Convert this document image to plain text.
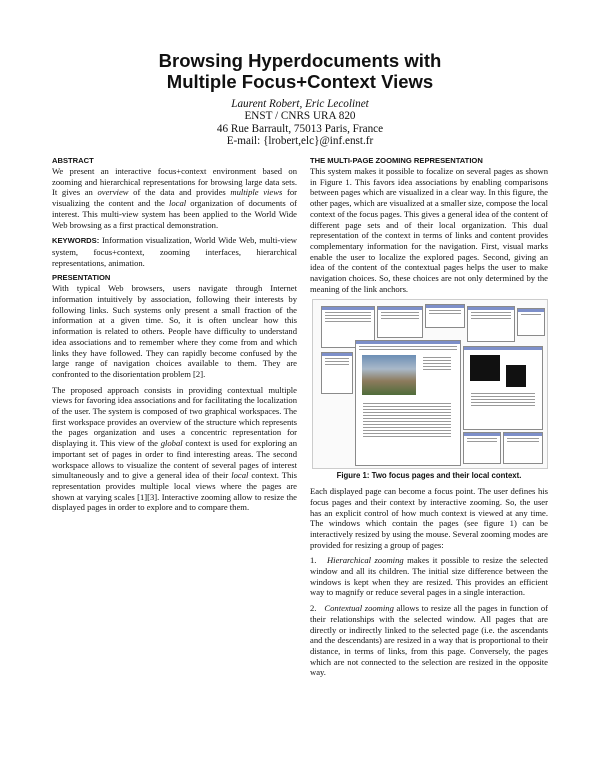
Browsing Hyperdocuments with
Multiple Focus+Context Views
Laurent Robert, Eric Lecolinet
ENST / CNRS URA 820
46 Rue Barrault, 75013 Paris, France
E-mail: {lrobert,elc}@inf.enst.fr
ABSTRACT

We present an interactive focus+context environment based on zooming and hierarchical representations for browsing large data sets. It gives an overview of the data and provides multiple views for visualizing the content and the local organization of documents of interest. This multi-view system has been applied to the World Wide Web browsing as a first practical demonstration.

KEYWORDS: Information visualization, World Wide Web, multi-view system, focus+context, zooming interfaces, hierarchical representations, animation.

PRESENTATION

With typical Web browsers, users navigate through Internet information intuitively by association, following their interests by following links. Such systems only present a small fraction of the information at a given time. So, it is often unclear how this information is related to others. People have difficulty to understand idea associations and to remember where they come from and which links they have followed. They can rapidly become confused by the large range of navigation choices available to them. They are confronted to the disorientation problem [2].

The proposed approach consists in providing contextual multiple views for favoring idea associations and for facilitating the localization of the user. The system is composed of two graphical workspaces. The first workspace provides an overview of the structure which represents the pages organization and uses a concentric representation for displaying it. This view of the global context is used for exploring an important set of pages in order to find interesting areas. The second workspace allows to visualize the content of several pages of interest simultaneously and to give a general idea of their local context. This representation provides multiple local views where the pages are shown at varying scales [1][3]. Interactive zooming allow to resize the displayed pages in order to explore and to compare them.

THE MULTI-PAGE ZOOMING REPRESENTATION

This system makes it possible to focalize on several pages as shown in Figure 1. This favors idea associations by enabling comparisons between pages which are visualized in a clear way. In this figure, the other pages, which are visualized at a smaller size, compose the local context of the focus pages. This gives a general idea of the content of different page sets and of their local organization. This dual representation of the context in terms of links and content provides complementary information for the navigation. First, visual marks enable the user to localize the explored pages. Second, giving an idea of the content of the contextual pages helps the user to make navigation choices. So, these choices are not only determined by the meaning of the link anchors.

Figure 1: Two focus pages and their local context.

Each displayed page can become a focus point. The user defines his focus pages and their context by interactive zooming. So, the user has an explicit control of how much context is viewed at any time. The windows which contain the pages (see figure 1) can be interactively resized by using the mouse. Several zooming modes are provided for resizing a group of pages:

1. Hierarchical zooming makes it possible to resize the selected window and all its children. The initial size difference between the windows is kept when they are resized. This provides an efficient way to magnify or reduce several pages in a single interaction.

2. Contextual zooming allows to resize all the pages in function of their relationships with the selected window. All pages that are directly or indirectly linked to the selected page (i.e. the ascendants and the descendants) are resized in a way that is proportional to their distance, in terms of links, from this page. Conversely, the pages which are not connected to the selection are resized in the opposite way.
